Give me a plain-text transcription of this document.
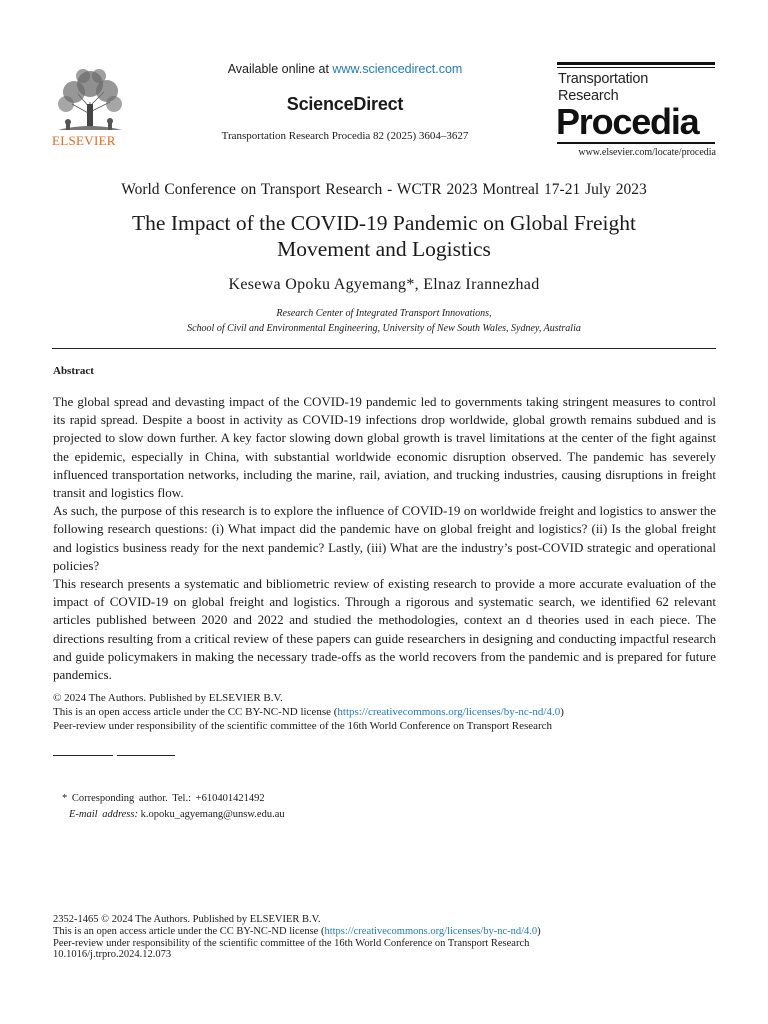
ELSEVIER
Available online at www.sciencedirect.com
ScienceDirect
Transportation Research Procedia 82 (2025) 3604–3627
Transportation
Research
Procedia
www.elsevier.com/locate/procedia
World Conference on Transport Research - WCTR 2023 Montreal 17-21 July 2023
The Impact of the COVID-19 Pandemic on Global Freight
Movement and Logistics
Kesewa Opoku Agyemang*, Elnaz Irannezhad
Research Center of Integrated Transport Innovations,
School of Civil and Environmental Engineering, University of New South Wales, Sydney, Australia
Abstract

The global spread and devasting impact of the COVID-19 pandemic led to governments taking stringent measures to control its rapid spread. Despite a boost in activity as COVID-19 infections drop worldwide, global growth remains subdued and is projected to slow down further. A key factor slowing down global growth is travel limitations at the center of the fight against the epidemic, especially in China, with substantial worldwide economic disruption observed. The pandemic has severely influenced transportation networks, including the marine, rail, aviation, and trucking industries, causing disruptions in freight transit and logistics flow.

As such, the purpose of this research is to explore the influence of COVID-19 on worldwide freight and logistics to answer the following research questions: (i) What impact did the pandemic have on global freight and logistics? (ii) Is the global freight and logistics business ready for the next pandemic? Lastly, (iii) What are the industry’s post-COVID strategic and operational policies?

This research presents a systematic and bibliometric review of existing research to provide a more accurate evaluation of the impact of COVID-19 on global freight and logistics. Through a rigorous and systematic search, we identified 62 relevant articles published between 2020 and 2022 and studied the methodologies, context an d theories used in each piece. The directions resulting from a critical review of these papers can guide researchers in designing and conducting impactful research and guide policymakers in making the necessary trade-offs as the world recovers from the pandemic and is prepared for future pandemics.

© 2024 The Authors. Published by ELSEVIER B.V.
This is an open access article under the CC BY-NC-ND license (https://creativecommons.org/licenses/by-nc-nd/4.0)
Peer-review under responsibility of the scientific committee of the 16th World Conference on Transport Research
* Corresponding author. Tel.: +610401421492
E-mail address: k.opoku_agyemang@unsw.edu.au
2352-1465 © 2024 The Authors. Published by ELSEVIER B.V.
This is an open access article under the CC BY-NC-ND license (https://creativecommons.org/licenses/by-nc-nd/4.0)
Peer-review under responsibility of the scientific committee of the 16th World Conference on Transport Research
10.1016/j.trpro.2024.12.073
